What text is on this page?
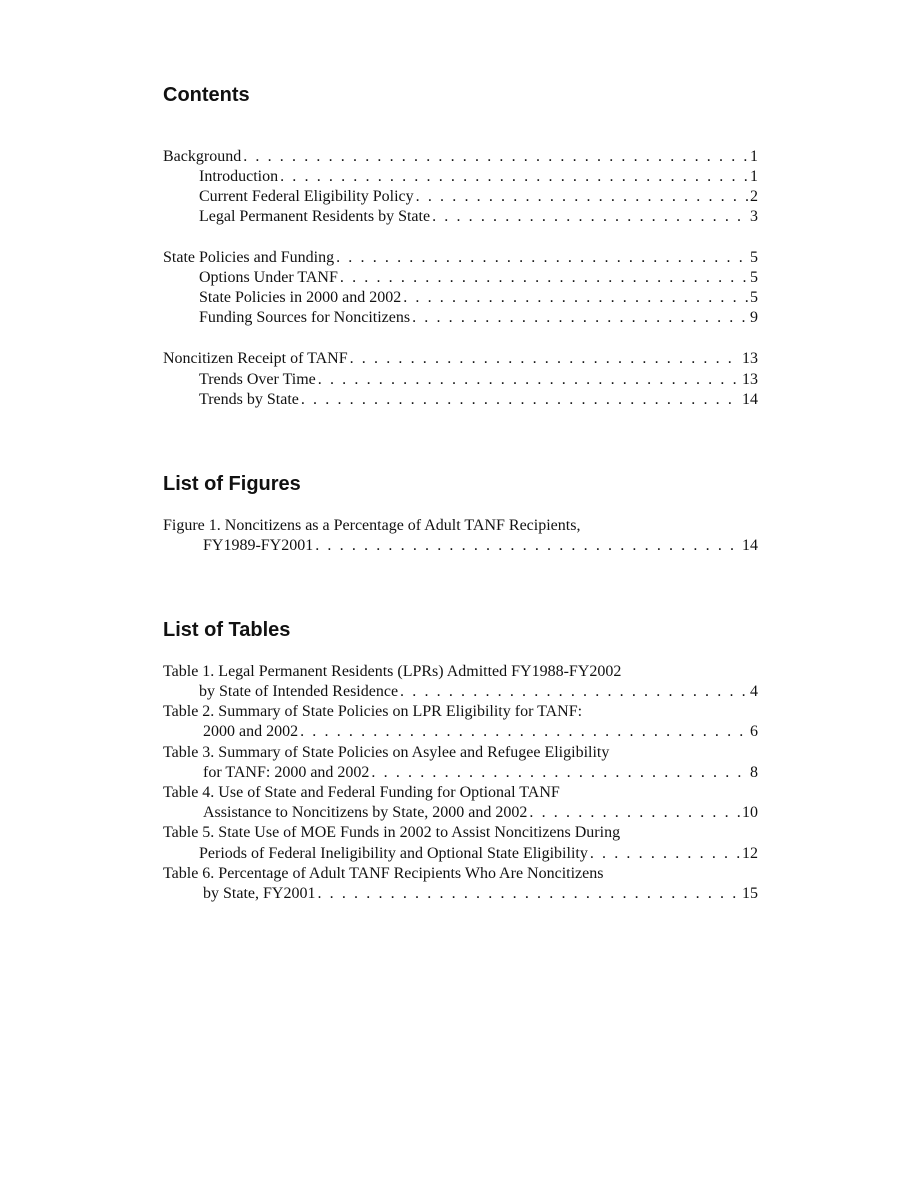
Contents
Background . . .	1
Introduction . . .	1
Current Federal Eligibility Policy . . .	2
Legal Permanent Residents by State . . .	3
State Policies and Funding . . .	5
Options Under TANF . . .	5
State Policies in 2000 and 2002 . . .	5
Funding Sources for Noncitizens . . .	9
Noncitizen Receipt of TANF . . .	13
Trends Over Time . . .	13
Trends by State . . .	14
List of Figures
Figure 1. Noncitizens as a Percentage of Adult TANF Recipients,
FY1989-FY2001 . . .	14
List of Tables
Table 1. Legal Permanent Residents (LPRs) Admitted FY1988-FY2002
by State of Intended Residence . . .	4
Table 2. Summary of State Policies on LPR Eligibility for TANF:
2000 and 2002 . . .	6
Table 3. Summary of State Policies on Asylee and Refugee Eligibility
for TANF: 2000 and 2002 . . .	8
Table 4. Use of State and Federal Funding for Optional TANF
Assistance to Noncitizens by State, 2000 and 2002 . . .	10
Table 5. State Use of MOE Funds in 2002 to Assist Noncitizens During
Periods of Federal Ineligibility and Optional State Eligibility . . .	12
Table 6. Percentage of Adult TANF Recipients Who Are Noncitizens
by State, FY2001 . . .	15
